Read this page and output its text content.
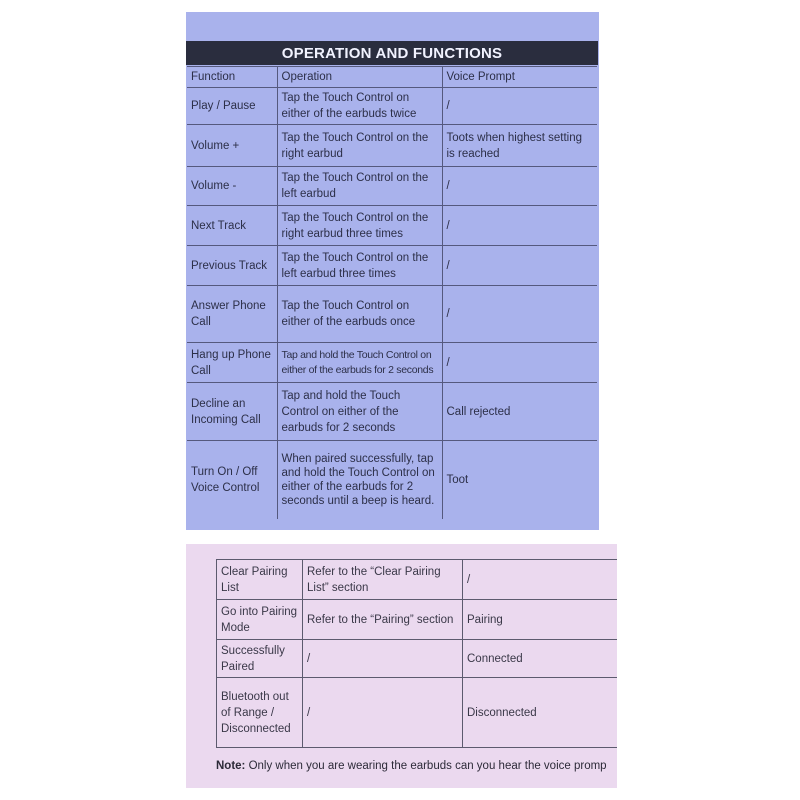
OPERATION AND FUNCTIONS
Function	Operation	Voice Prompt
Play / Pause	Tap the Touch Control on either of the earbuds twice	/
Volume +	Tap the Touch Control on the right earbud	Toots when highest setting is reached
Volume -	Tap the Touch Control on the left earbud	/
Next Track	Tap the Touch Control on the right earbud three times	/
Previous Track	Tap the Touch Control on the left earbud three times	/
Answer Phone Call	Tap the Touch Control on either of the earbuds once	/
Hang up Phone Call	Tap and hold the Touch Control on either of the earbuds for 2 seconds	/
Decline an Incoming Call	Tap and hold the Touch Control on either of the earbuds for 2 seconds	Call rejected
Turn On / Off Voice Control	When paired successfully, tap and hold the Touch Control on either of the earbuds for 2 seconds until a beep is heard.	Toot
Clear Pairing List	Refer to the “Clear Pairing List” section	/
Go into Pairing Mode	Refer to the “Pairing” section	Pairing
Successfully Paired	/	Connected
Bluetooth out of Range / Disconnected	/	Disconnected
Note: Only when you are wearing the earbuds can you hear the voice promp
